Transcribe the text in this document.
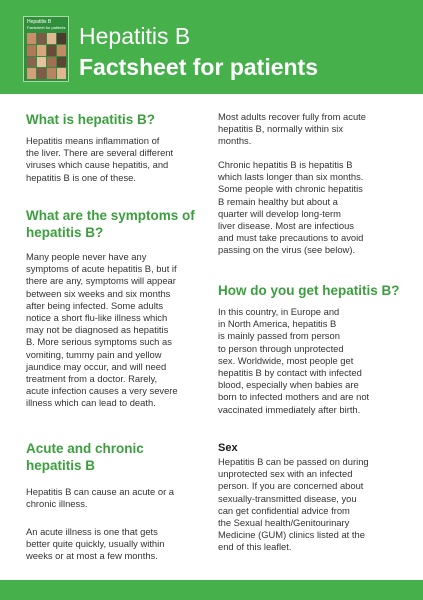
Hepatitis B
Factsheet for patients Hepatitis B
Factsheet for patients
What is hepatitis B?

Hepatitis means inflammation of
the liver. There are several different
viruses which cause hepatitis, and
hepatitis B is one of these.

What are the symptoms of
hepatitis B?

Many people never have any
symptoms of acute hepatitis B, but if
there are any, symptoms will appear
between six weeks and six months
after being infected. Some adults
notice a short flu-like illness which
may not be diagnosed as hepatitis
B. More serious symptoms such as
vomiting, tummy pain and yellow
jaundice may occur, and will need
treatment from a doctor. Rarely,
acute infection causes a very severe
illness which can lead to death.

Acute and chronic
hepatitis B

Hepatitis B can cause an acute or a
chronic illness.

An acute illness is one that gets
better quite quickly, usually within
weeks or at most a few months.

Most adults recover fully from acute
hepatitis B, normally within six
months.

Chronic hepatitis B is hepatitis B
which lasts longer than six months.
Some people with chronic hepatitis
B remain healthy but about a
quarter will develop long-term
liver disease. Most are infectious
and must take precautions to avoid
passing on the virus (see below).

How do you get hepatitis B?

In this country, in Europe and
in North America, hepatitis B
is mainly passed from person
to person through unprotected
sex. Worldwide, most people get
hepatitis B by contact with infected
blood, especially when babies are
born to infected mothers and are not
vaccinated immediately after birth.

Sex

Hepatitis B can be passed on during
unprotected sex with an infected
person. If you are concerned about
sexually-transmitted disease, you
can get confidential advice from
the Sexual health/Genitourinary
Medicine (GUM) clinics listed at the
end of this leaflet.
